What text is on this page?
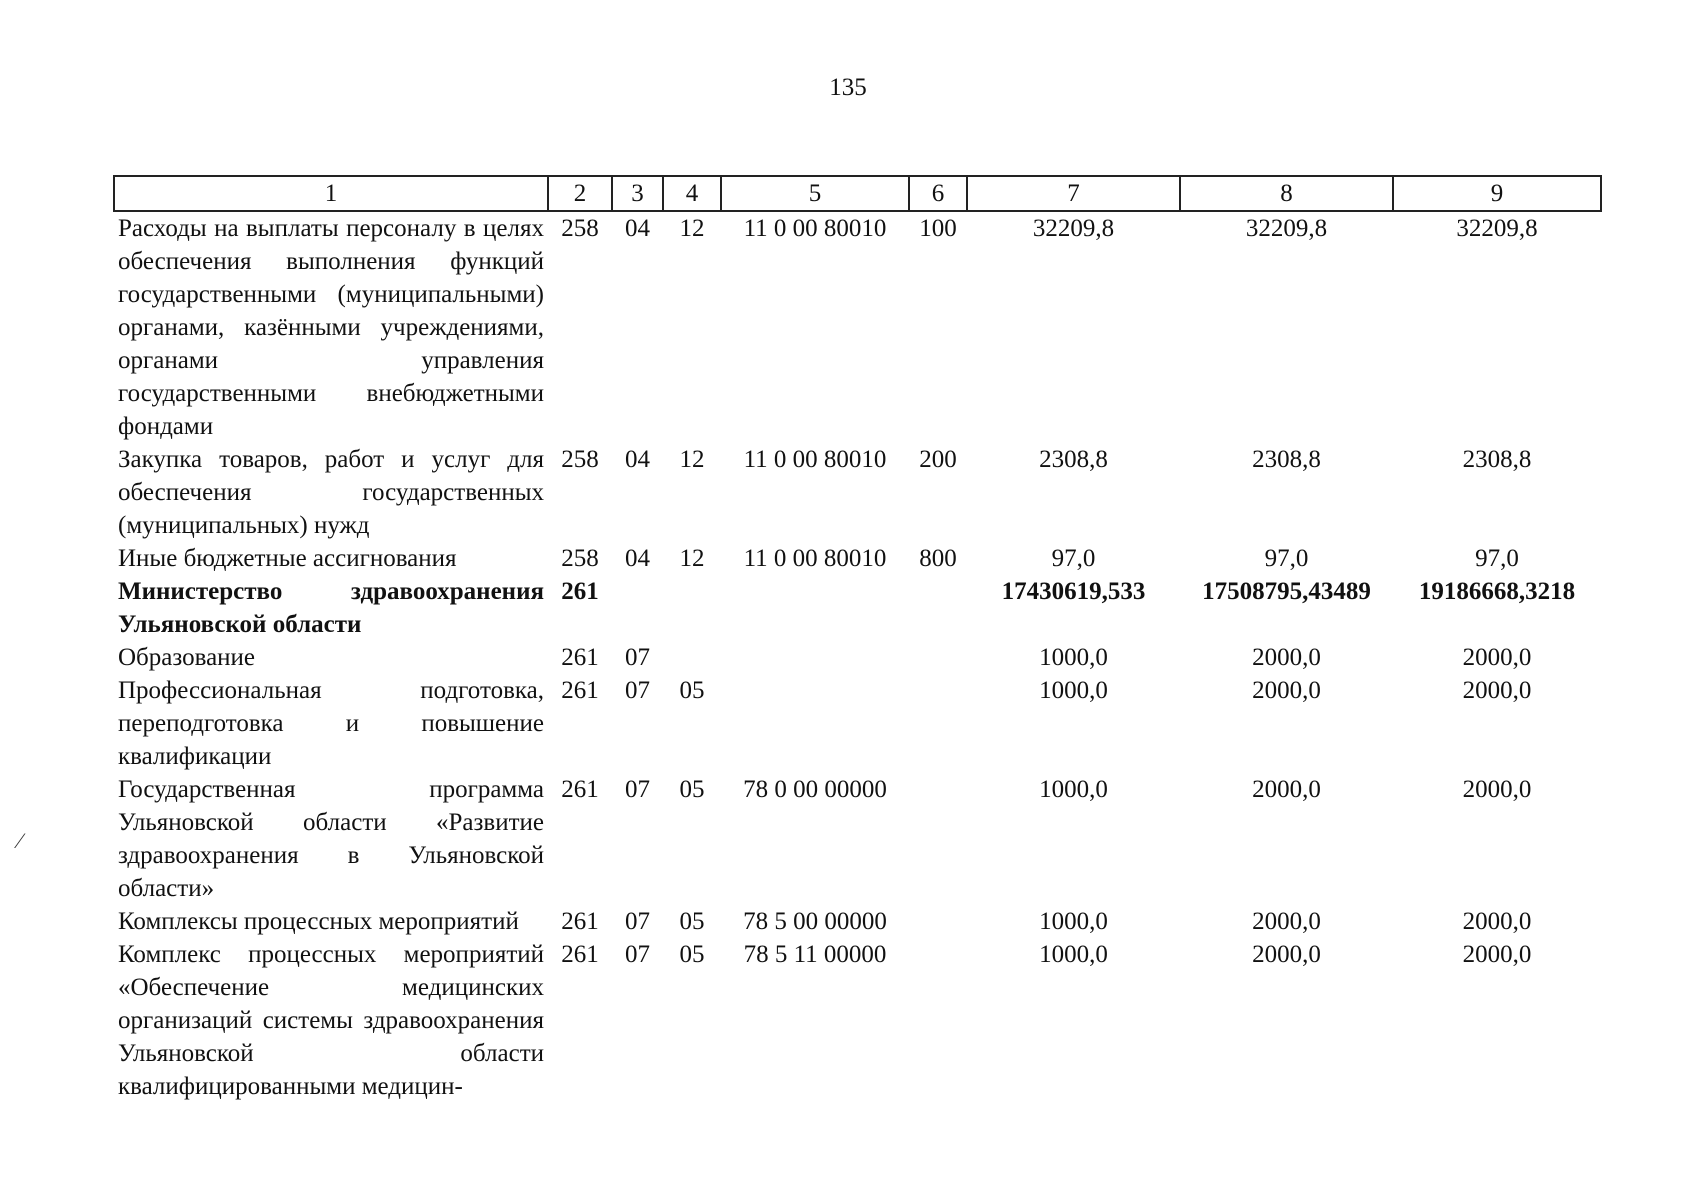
135
1	2	3	4	5	6	7	8	9
Расходы на выплаты персоналу в целях обеспечения выполнения функций государственными (муниципальными) органами, казёнными учреждениями, органами управления государственными внебюджетными фондами	258	04	12	11 0 00 80010	100	32209,8	32209,8	32209,8
Закупка товаров, работ и услуг для обеспечения государственных (муниципальных) нужд	258	04	12	11 0 00 80010	200	2308,8	2308,8	2308,8
Иные бюджетные ассигнования	258	04	12	11 0 00 80010	800	97,0	97,0	97,0
Министерство здравоохранения Ульяновской области	261					17430619,533	17508795,43489	19186668,3218
Образование	261	07				1000,0	2000,0	2000,0
Профессиональная подготовка, переподготовка и повышение квалификации	261	07	05			1000,0	2000,0	2000,0
Государственная программа Ульяновской области «Развитие здравоохранения в Ульяновской области»	261	07	05	78 0 00 00000		1000,0	2000,0	2000,0
Комплексы процессных мероприятий	261	07	05	78 5 00 00000		1000,0	2000,0	2000,0
Комплекс процессных мероприятий «Обеспечение медицинских организаций системы здравоохранения Ульяновской области квалифицированными медицин-	261	07	05	78 5 11 00000		1000,0	2000,0	2000,0
⁄
